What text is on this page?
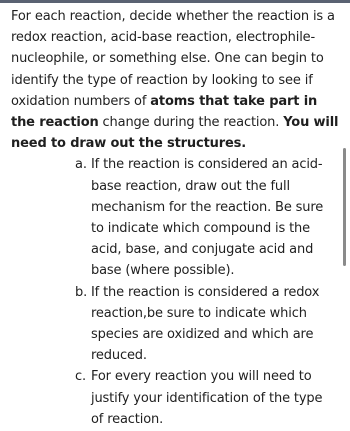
For each reaction, decide whether the reaction is a redox reaction, acid-base reaction, electrophile-nucleophile, or something else. One can begin to identify the type of reaction by looking to see if oxidation numbers of atoms that take part in the reaction change during the reaction. You will need to draw out the structures.

a. If the reaction is considered an acid-base reaction, draw out the full mechanism for the reaction. Be sure to indicate which compound is the acid, base, and conjugate acid and base (where possible).
b. If the reaction is considered a redox reaction,be sure to indicate which species are oxidized and which are reduced.
c. For every reaction you will need to justify your identification of the type of reaction.
